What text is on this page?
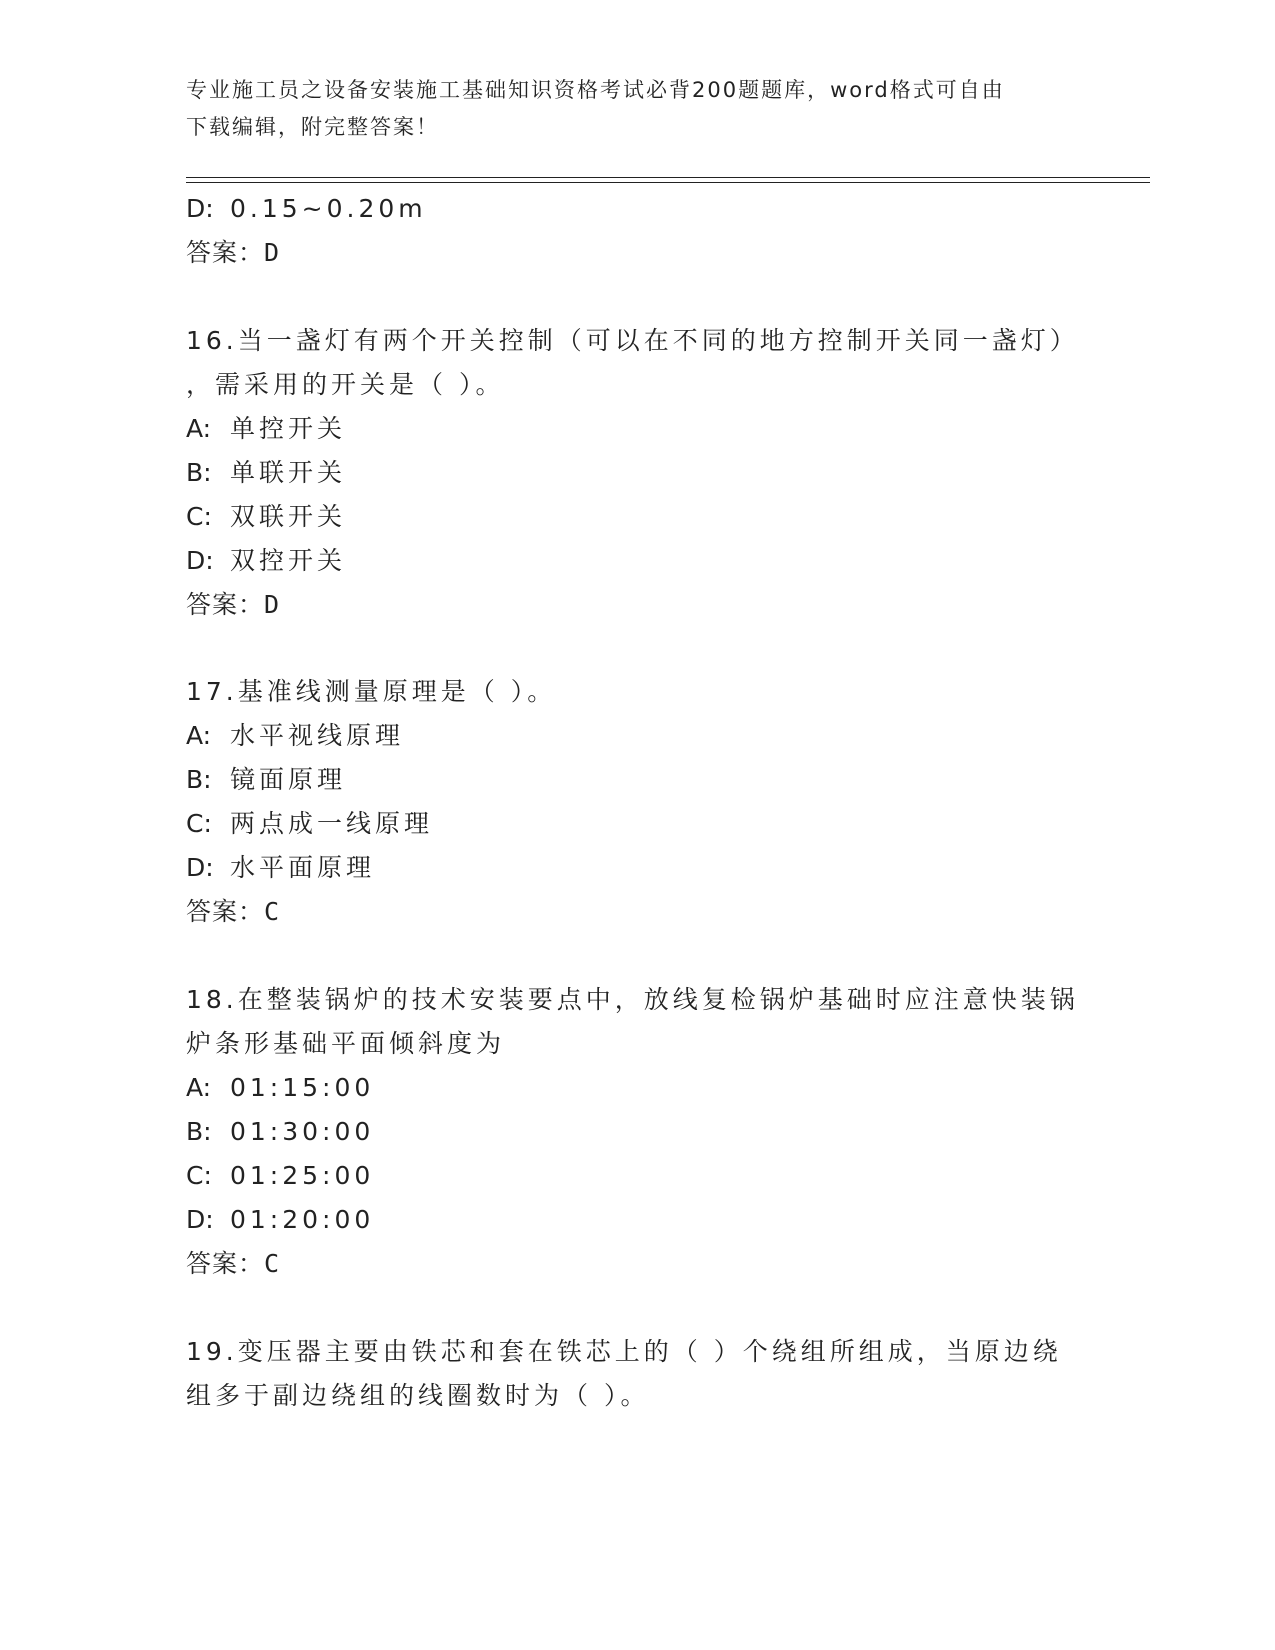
专业施工员之设备安装施工基础知识资格考试必背200题题库，word格式可自由
下载编辑，附完整答案！
D: 0.15~0.20m
答案：D
16.当一盏灯有两个开关控制（可以在不同的地方控制开关同一盏灯）
，需采用的开关是（ ）。
A: 单控开关
B: 单联开关
C: 双联开关
D: 双控开关
答案：D
17.基准线测量原理是（ ）。
A: 水平视线原理
B: 镜面原理
C: 两点成一线原理
D: 水平面原理
答案：C
18.在整装锅炉的技术安装要点中，放线复检锅炉基础时应注意快装锅
炉条形基础平面倾斜度为
A: 01:15:00
B: 01:30:00
C: 01:25:00
D: 01:20:00
答案：C
19.变压器主要由铁芯和套在铁芯上的（ ）个绕组所组成，当原边绕
组多于副边绕组的线圈数时为（ ）。
